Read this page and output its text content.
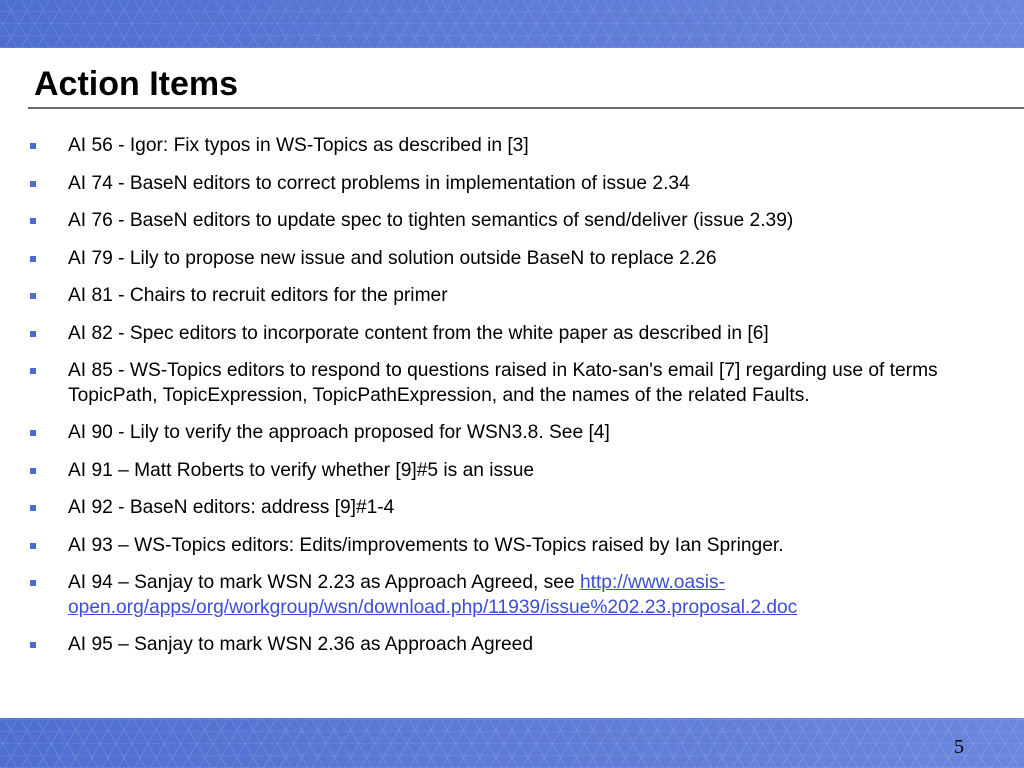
Action Items
AI 56 - Igor: Fix typos in WS-Topics as described in [3]
AI 74 - BaseN editors to correct problems in implementation of issue 2.34
AI 76 - BaseN editors to update spec to tighten semantics of send/deliver (issue 2.39)
AI 79 - Lily to propose new issue and solution outside BaseN to replace 2.26
AI 81 - Chairs to recruit editors for the primer
AI 82 - Spec editors to incorporate content from the white paper as described in [6]
AI 85 - WS-Topics editors to respond to questions raised in Kato-san's email [7] regarding use of terms TopicPath, TopicExpression, TopicPathExpression, and the names of the related Faults.
AI 90 - Lily to verify the approach proposed for WSN3.8. See [4]
AI 91 – Matt Roberts to verify whether [9]#5 is an issue
AI 92 - BaseN editors: address [9]#1-4
AI 93 – WS-Topics editors: Edits/improvements to WS-Topics raised by Ian Springer.
AI 94 – Sanjay to mark WSN 2.23 as Approach Agreed, see http://www.oasis-open.org/apps/org/workgroup/wsn/download.php/11939/issue%202.23.proposal.2.doc
AI 95 – Sanjay to mark WSN 2.36 as Approach Agreed
5
